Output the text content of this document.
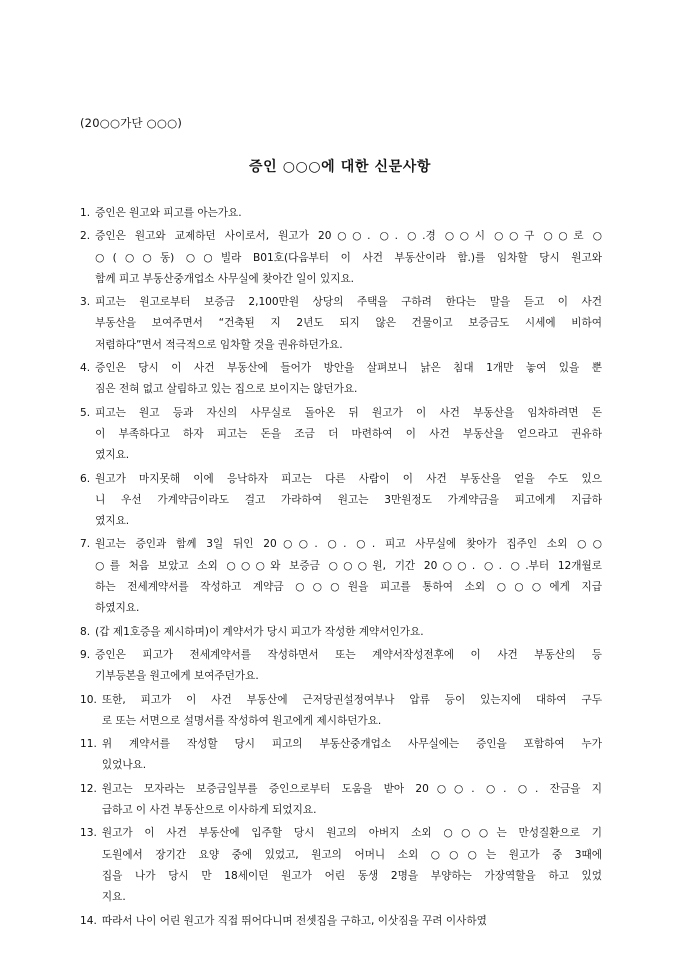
(20○○가단 ○○○)
증인 ○○○에 대한 신문사항
1. 증인은 원고와 피고를 아는가요.
2. 증인은 원고와 교제하던 사이로서, 원고가 20○○. ○. ○.경 ○○시 ○○구 ○○로 ○
○(○○동) ○○빌라 B01호(다음부터 이 사건 부동산이라 함.)를 임차할 당시 원고와
함께 피고 부동산중개업소 사무실에 찾아간 일이 있지요.
3. 피고는 원고로부터 보증금 2,100만원 상당의 주택을 구하려 한다는 말을 듣고 이 사건
부동산을 보여주면서 “건축된 지 2년도 되지 않은 건물이고 보증금도 시세에 비하여
저렴하다”면서 적극적으로 임차할 것을 권유하던가요.
4. 증인은 당시 이 사건 부동산에 들어가 방안을 살펴보니 낡은 침대 1개만 놓여 있을 뿐
짐은 전혀 없고 살림하고 있는 집으로 보이지는 않던가요.
5. 피고는 원고 등과 자신의 사무실로 돌아온 뒤 원고가 이 사건 부동산을 임차하려면 돈
이 부족하다고 하자 피고는 돈을 조금 더 마련하여 이 사건 부동산을 얻으라고 권유하
였지요.
6. 원고가 마지못해 이에 응낙하자 피고는 다른 사람이 이 사건 부동산을 얻을 수도 있으
니 우선 가계약금이라도 걸고 가라하여 원고는 3만원정도 가계약금을 피고에게 지급하
였지요.
7. 원고는 증인과 함께 3일 뒤인 20○○. ○. ○. 피고 사무실에 찾아가 집주인 소외 ○○
○를 처음 보았고 소외 ○○○와 보증금 ○○○원, 기간 20○○. ○. ○.부터 12개월로
하는 전세계약서를 작성하고 계약금 ○○○원을 피고를 통하여 소외 ○○○에게 지급
하였지요.
8. (갑 제1호증을 제시하며)이 계약서가 당시 피고가 작성한 계약서인가요.
9. 증인은 피고가 전세계약서를 작성하면서 또는 계약서작성전후에 이 사건 부동산의 등
기부등본을 원고에게 보여주던가요.
10. 또한, 피고가 이 사건 부동산에 근저당권설정여부나 압류 등이 있는지에 대하여 구두
로 또는 서면으로 설명서를 작성하여 원고에게 제시하던가요.
11. 위 계약서를 작성할 당시 피고의 부동산중개업소 사무실에는 증인을 포함하여 누가
있었나요.
12. 원고는 모자라는 보증금일부를 증인으로부터 도움을 받아 20○○. ○. ○. 잔금을 지
급하고 이 사건 부동산으로 이사하게 되었지요.
13. 원고가 이 사건 부동산에 입주할 당시 원고의 아버지 소외 ○○○는 만성질환으로 기
도원에서 장기간 요양 중에 있었고, 원고의 어머니 소외 ○○○는 원고가 중 3때에
집을 나가 당시 만 18세이던 원고가 어린 동생 2명을 부양하는 가장역할을 하고 있었
지요.
14. 따라서 나이 어린 원고가 직접 뛰어다니며 전셋집을 구하고, 이삿짐을 꾸려 이사하였
